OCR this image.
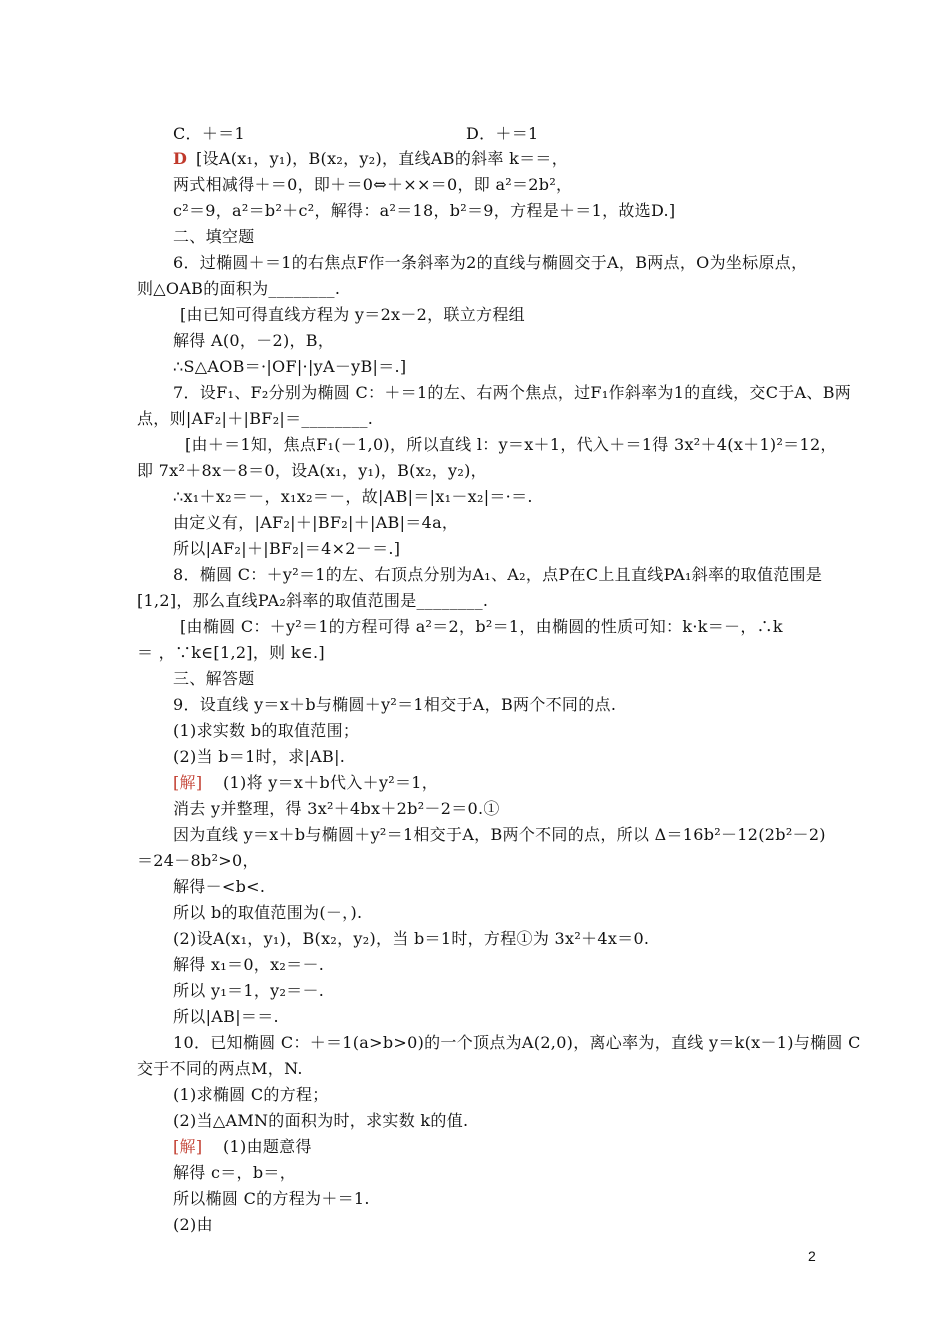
C．＋＝1	D．＋＝1
D [设A(x₁，y₁)，B(x₂，y₂)，直线AB的斜率 k＝＝，
两式相减得＋＝0，即＋＝0⇔＋××＝0，即 a²＝2b²，
c²＝9，a²＝b²＋c²，解得：a²＝18，b²＝9，方程是＋＝1，故选D.]
二、填空题
6．过椭圆＋＝1的右焦点F作一条斜率为2的直线与椭圆交于A，B两点，O为坐标原点，
则△OAB的面积为________.
[由已知可得直线方程为 y＝2x－2，联立方程组
解得 A(0，－2)，B，
∴S△AOB＝·|OF|·|yA－yB|＝.]
7．设F₁、F₂分别为椭圆 C：＋＝1的左、右两个焦点，过F₁作斜率为1的直线，交C于A、B两
点，则|AF₂|＋|BF₂|＝________.
[由＋＝1知，焦点F₁(－1,0)，所以直线 l：y＝x＋1，代入＋＝1得 3x²＋4(x＋1)²＝12，
即 7x²＋8x－8＝0，设A(x₁，y₁)，B(x₂，y₂)，
∴x₁＋x₂＝－，x₁x₂＝－，故|AB|＝|x₁－x₂|＝·＝.
由定义有，|AF₂|＋|BF₂|＋|AB|＝4a，
所以|AF₂|＋|BF₂|＝4×2－＝.]
8．椭圆 C：＋y²＝1的左、右顶点分别为A₁、A₂，点P在C上且直线PA₁斜率的取值范围是
[1,2]，那么直线PA₂斜率的取值范围是________.
[由椭圆 C：＋y²＝1的方程可得 a²＝2，b²＝1，由椭圆的性质可知：k·k＝－，∴k
＝ ，∵k∈[1,2]，则 k∈.]
三、解答题
9．设直线 y＝x＋b与椭圆＋y²＝1相交于A，B两个不同的点.
(1)求实数 b的取值范围；
(2)当 b＝1时，求|AB|.
[解] (1)将 y＝x＋b代入＋y²＝1，
消去 y并整理，得 3x²＋4bx＋2b²－2＝0.①
因为直线 y＝x＋b与椭圆＋y²＝1相交于A，B两个不同的点，所以 Δ＝16b²－12(2b²－2)
＝24－8b²>0，
解得－<b<.
所以 b的取值范围为(－，).
(2)设A(x₁，y₁)，B(x₂，y₂)，当 b＝1时，方程①为 3x²＋4x＝0.
解得 x₁＝0，x₂＝－.
所以 y₁＝1，y₂＝－.
所以|AB|＝＝.
10．已知椭圆 C：＋＝1(a>b>0)的一个顶点为A(2,0)，离心率为，直线 y＝k(x－1)与椭圆 C
交于不同的两点M，N.
(1)求椭圆 C的方程；
(2)当△AMN的面积为时，求实数 k的值.
[解] (1)由题意得
解得 c＝，b＝，
所以椭圆 C的方程为＋＝1.
(2)由
2
